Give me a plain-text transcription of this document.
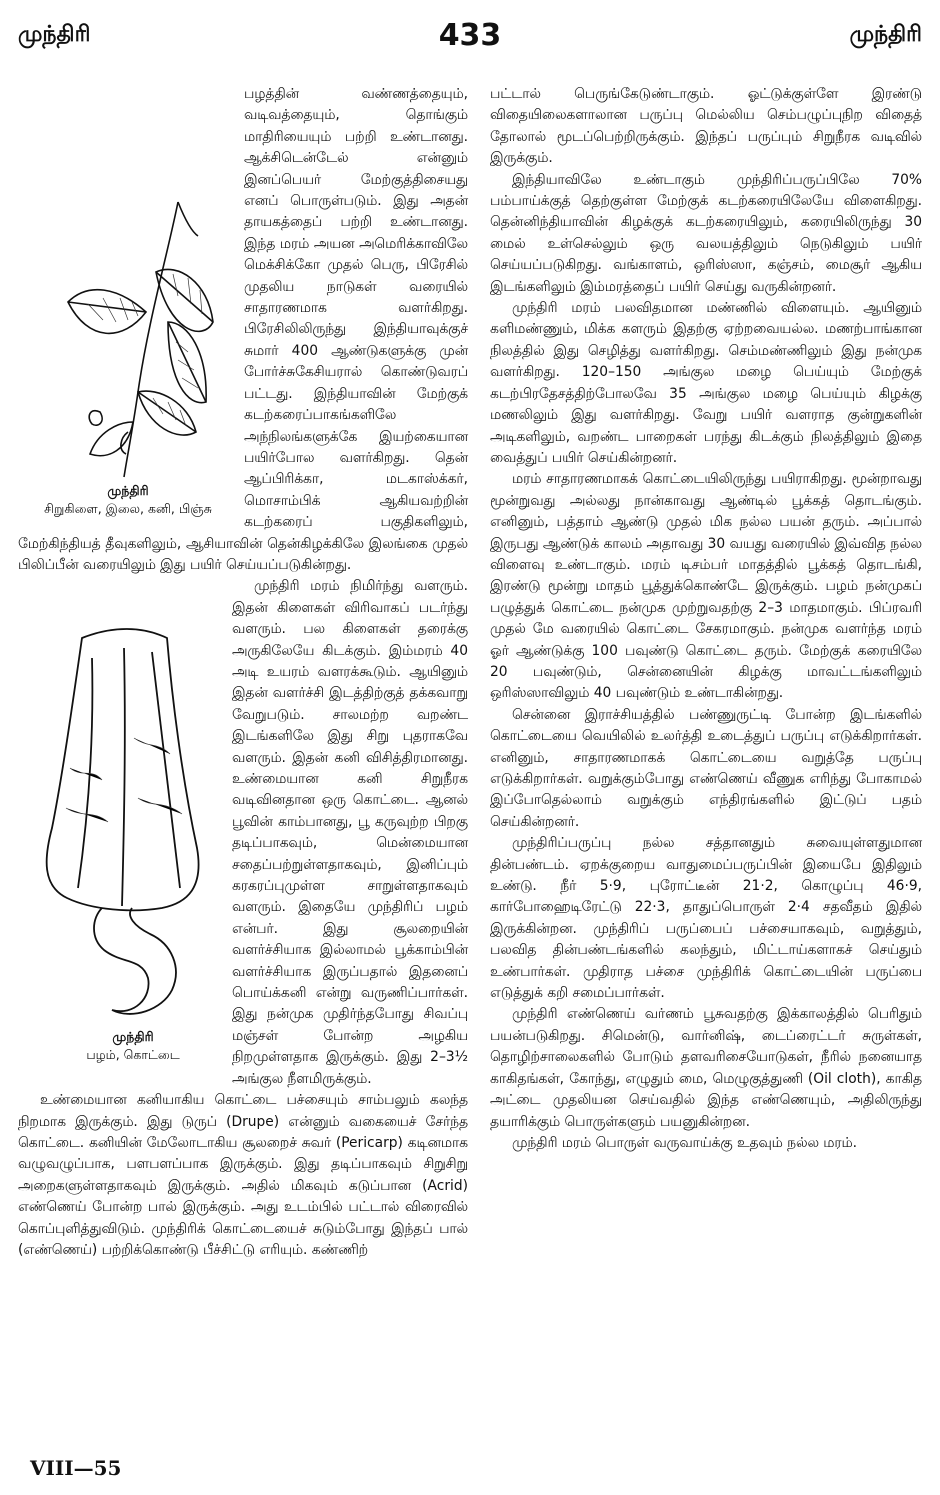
முந்திரி	433	முந்திரி

முந்திரி
சிறுகிளை, இலை, கனி, பிஞ்சு
பழத்தின் வண்ணத்தையும், வடிவத்தையும், தொங்கும் மாதிரியையும் பற்றி உண்டானது. ஆக்சிடென்டேல் என்னும் இனப்பெயர் மேற்குத்திசையது எனப் பொருள்படும். இது அதன் தாயகத்தைப் பற்றி உண்டானது. இந்த மரம் அயன அமெரிக்காவிலே மெக்சிக்கோ முதல் பெரு, பிரேசில் முதலிய நாடுகள் வரையில் சாதாரணமாக வளர்கிறது. பிரேசிலிலிருந்து இந்தியாவுக்குச் சுமார் 400 ஆண்டுகளுக்கு முன் போர்ச்சுகேசியரால் கொண்டுவரப் பட்டது. இந்தியாவின் மேற்குக் கடற்கரைப்பாகங்களிலே அந்நிலங்களுக்கே இயற்கையான பயிர்போல வளர்கிறது. தென் ஆப்பிரிக்கா, மடகாஸ்க்கர், மொசாம்பிக் ஆகியவற்றின் கடற்கரைப் பகுதிகளிலும், மேற்கிந்தியத் தீவுகளிலும், ஆசியாவின் தென்கிழக்கிலே இலங்கை முதல் பிலிப்பீன் வரையிலும் இது பயிர் செய்யப்படுகின்றது.

முந்திரி
பழம், கொட்டை
முந்திரி மரம் நிமிர்ந்து வளரும். இதன் கிளைகள் விரிவாகப் படர்ந்து வளரும். பல கிளைகள் தரைக்கு அருகிலேயே கிடக்கும். இம்மரம் 40 அடி உயரம் வளரக்கூடும். ஆயினும் இதன் வளர்ச்சி இடத்திற்குத் தக்கவாறு வேறுபடும். சாலமற்ற வறண்ட இடங்களிலே இது சிறு புதராகவே வளரும். இதன் கனி விசித்திரமானது. உண்மையான கனி சிறுநீரக வடிவினதான ஒரு கொட்டை. ஆனல் பூவின் காம்பானது, பூ கருவுற்ற பிறகு தடிப்பாகவும், மென்மையான சதைப்பற்றுள்ளதாகவும், இனிப்பும் கரகரப்புமுள்ள சாறுள்ளதாகவும் வளரும். இதையே முந்திரிப் பழம் என்பர். இது சூலறையின் வளர்ச்சியாக இல்லாமல் பூக்காம்பின் வளர்ச்சியாக இருப்பதால் இதனைப் பொய்க்கனி என்று வருணிப்பார்கள். இது நன்முக முதிர்ந்தபோது சிவப்பு மஞ்சள் போன்ற அழகிய நிறமுள்ளதாக இருக்கும். இது 2–3½ அங்குல நீளமிருக்கும்.

உண்மையான கனியாகிய கொட்டை பச்சையும் சாம்பலும் கலந்த நிறமாக இருக்கும். இது டுருப் (Drupe) என்னும் வகையைச் சேர்ந்த கொட்டை. கனியின் மேலோடாகிய சூலறைச் சுவர் (Pericarp) கடினமாக வழுவழுப்பாக, பளபளப்பாக இருக்கும். இது தடிப்பாகவும் சிறுசிறு அறைகளுள்ளதாகவும் இருக்கும். அதில் மிகவும் கடுப்பான (Acrid) எண்ணெய் போன்ற பால் இருக்கும். அது உடம்பில் பட்டால் விரைவில் கொப்புளித்துவிடும். முந்திரிக் கொட்டையைச் சுடும்போது இந்தப் பால் (எண்ணெய்) பற்றிக்கொண்டு பீச்சிட்டு எரியும். கண்ணிற்

பட்டால் பெருங்கேடுண்டாகும். ஓட்டுக்குள்ளே இரண்டு விதையிலைகளாலான பருப்பு மெல்லிய செம்பழுப்புநிற விதைத் தோலால் மூடப்பெற்றிருக்கும். இந்தப் பருப்பும் சிறுநீரக வடிவில் இருக்கும்.

இந்தியாவிலே உண்டாகும் முந்திரிப்பருப்பிலே 70% பம்பாய்க்குத் தெற்குள்ள மேற்குக் கடற்கரையிலேயே விளைகிறது. தென்னிந்தியாவின் கிழக்குக் கடற்கரையிலும், கரையிலிருந்து 30 மைல் உள்செல்லும் ஒரு வலயத்திலும் நெடுகிலும் பயிர் செய்யப்படுகிறது. வங்காளம், ஒரிஸ்ஸா, கஞ்சம், மைசூர் ஆகிய இடங்களிலும் இம்மரத்தைப் பயிர் செய்து வருகின்றனர்.

முந்திரி மரம் பலவிதமான மண்ணில் விளையும். ஆயினும் களிமண்ணும், மிக்க களரும் இதற்கு ஏற்றவையல்ல. மணற்பாங்கான நிலத்தில் இது செழித்து வளர்கிறது. செம்மண்ணிலும் இது நன்முக வளர்கிறது. 120–150 அங்குல மழை பெய்யும் மேற்குக் கடற்பிரதேசத்திற்போலவே 35 அங்குல மழை பெய்யும் கிழக்கு மணலிலும் இது வளர்கிறது. வேறு பயிர் வளராத குன்றுகளின் அடிகளிலும், வறண்ட பாறைகள் பரந்து கிடக்கும் நிலத்திலும் இதை வைத்துப் பயிர் செய்கின்றனர்.

மரம் சாதாரணமாகக் கொட்டையிலிருந்து பயிராகிறது. மூன்றாவது மூன்றுவது அல்லது நான்காவது ஆண்டில் பூக்கத் தொடங்கும். எனினும், பத்தாம் ஆண்டு முதல் மிக நல்ல பயன் தரும். அப்பால் இருபது ஆண்டுக் காலம் அதாவது 30 வயது வரையில் இவ்வித நல்ல விளைவு உண்டாகும். மரம் டிசம்பர் மாதத்தில் பூக்கத் தொடங்கி, இரண்டு மூன்று மாதம் பூத்துக்கொண்டே இருக்கும். பழம் நன்முகப் பழுத்துக் கொட்டை நன்முக முற்றுவதற்கு 2–3 மாதமாகும். பிப்ரவரி முதல் மே வரையில் கொட்டை சேகரமாகும். நன்முக வளர்ந்த மரம் ஓர் ஆண்டுக்கு 100 பவுண்டு கொட்டை தரும். மேற்குக் கரையிலே 20 பவுண்டும், சென்னையின் கிழக்கு மாவட்டங்களிலும் ஒரிஸ்ஸாவிலும் 40 பவுண்டும் உண்டாகின்றது.

சென்னை இராச்சியத்தில் பண்ணுருட்டி போன்ற இடங்களில் கொட்டையை வெயிலில் உலர்த்தி உடைத்துப் பருப்பு எடுக்கிறார்கள். எனினும், சாதாரணமாகக் கொட்டையை வறுத்தே பருப்பு எடுக்கிறார்கள். வறுக்கும்போது எண்ணெய் வீணுக எரிந்து போகாமல் இப்போதெல்லாம் வறுக்கும் எந்திரங்களில் இட்டுப் பதம் செய்கின்றனர்.

முந்திரிப்பருப்பு நல்ல சத்தானதும் சுவையுள்ளதுமான தின்பண்டம். ஏறக்குறைய வாதுமைப்பருப்பின் இயைபே இதிலும் உண்டு. நீர் 5·9, புரோட்டீன் 21·2, கொழுப்பு 46·9, கார்போஹைடிரேட்டு 22·3, தாதுப்பொருள் 2·4 சதவீதம் இதில் இருக்கின்றன. முந்திரிப் பருப்பைப் பச்சையாகவும், வறுத்தும், பலவித தின்பண்டங்களில் கலந்தும், மிட்டாய்களாகச் செய்தும் உண்பார்கள். முதிராத பச்சை முந்திரிக் கொட்டையின் பருப்பை எடுத்துக் கறி சமைப்பார்கள்.

முந்திரி எண்ணெய் வர்ணம் பூசுவதற்கு இக்காலத்தில் பெரிதும் பயன்படுகிறது. சிமென்டு, வார்னிஷ், டைப்ரைட்டர் சுருள்கள், தொழிற்சாலைகளில் போடும் தளவரிசையோடுகள், நீரில் நனையாத காகிதங்கள், கோந்து, எழுதும் மை, மெழுகுத்துணி (Oil cloth), காகித அட்டை முதலியன செய்வதில் இந்த எண்ணெயும், அதிலிருந்து தயாரிக்கும் பொருள்களும் பயனுகின்றன.

முந்திரி மரம் பொருள் வருவாய்க்கு உதவும் நல்ல மரம்.

VIII—55
